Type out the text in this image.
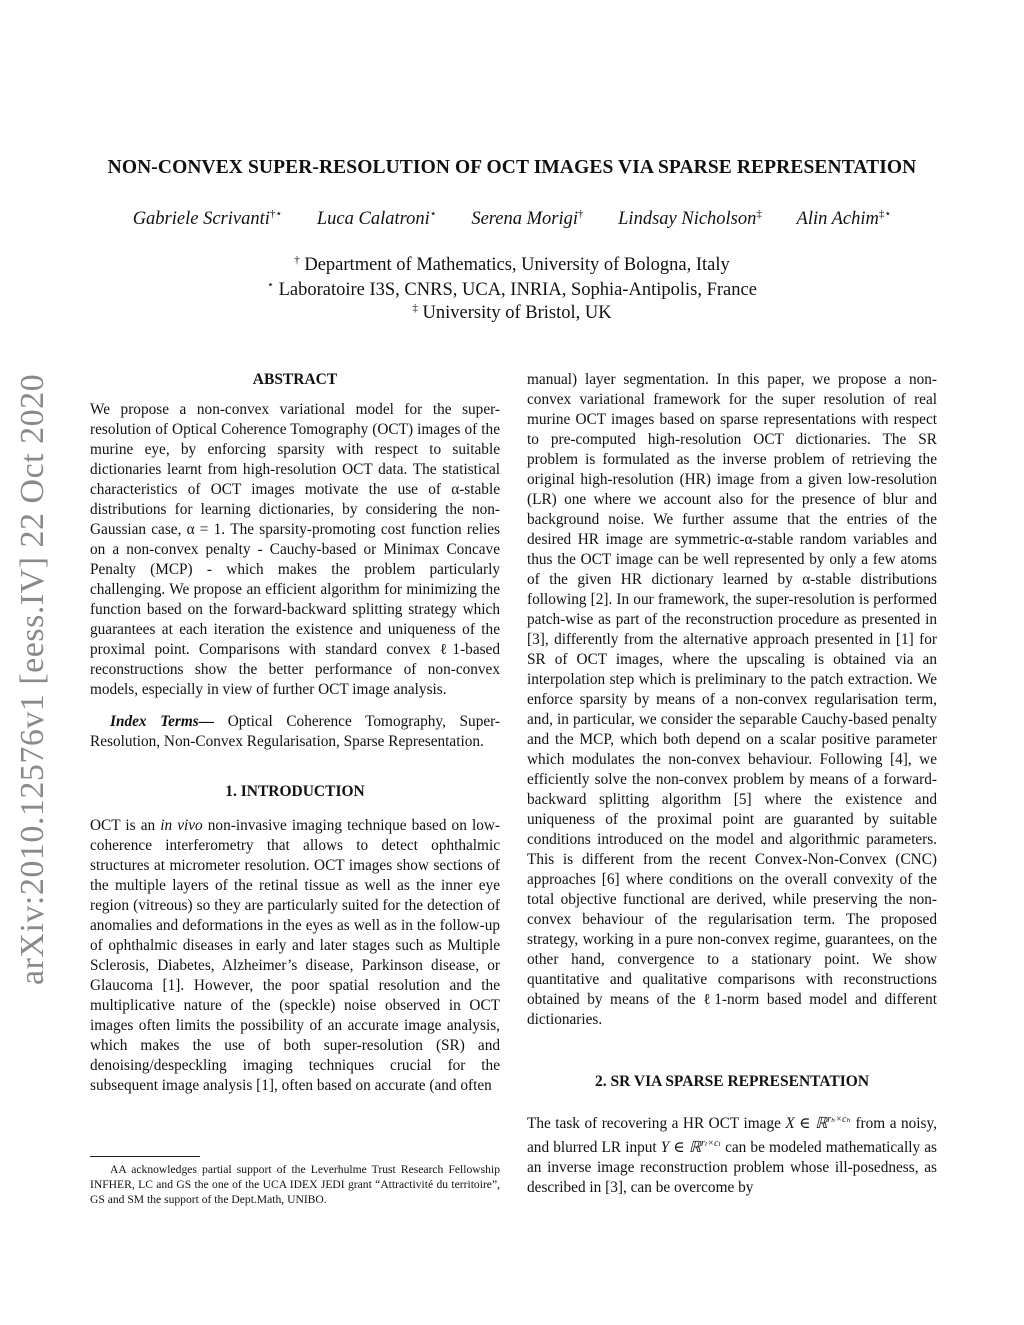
arXiv:2010.12576v1 [eess.IV] 22 Oct 2020
NON-CONVEX SUPER-RESOLUTION OF OCT IMAGES VIA SPARSE REPRESENTATION
Gabriele Scrivanti†⋆ Luca Calatroni⋆ Serena Morigi† Lindsay Nicholson‡ Alin Achim‡⋆
† Department of Mathematics, University of Bologna, Italy
⋆ Laboratoire I3S, CNRS, UCA, INRIA, Sophia-Antipolis, France
‡ University of Bristol, UK

ABSTRACT

We propose a non-convex variational model for the super-resolution of Optical Coherence Tomography (OCT) images of the murine eye, by enforcing sparsity with respect to suitable dictionaries learnt from high-resolution OCT data. The statistical characteristics of OCT images motivate the use of α-stable distributions for learning dictionaries, by considering the non-Gaussian case, α = 1. The sparsity-promoting cost function relies on a non-convex penalty - Cauchy-based or Minimax Concave Penalty (MCP) - which makes the problem particularly challenging. We propose an efficient algorithm for minimizing the function based on the forward-backward splitting strategy which guarantees at each iteration the existence and uniqueness of the proximal point. Comparisons with standard convex ℓ1-based reconstructions show the better performance of non-convex models, especially in view of further OCT image analysis.

Index Terms— Optical Coherence Tomography, Super-Resolution, Non-Convex Regularisation, Sparse Representation.

1. INTRODUCTION

OCT is an in vivo non-invasive imaging technique based on low-coherence interferometry that allows to detect ophthalmic structures at micrometer resolution. OCT images show sections of the multiple layers of the retinal tissue as well as the inner eye region (vitreous) so they are particularly suited for the detection of anomalies and deformations in the eyes as well as in the follow-up of ophthalmic diseases in early and later stages such as Multiple Sclerosis, Diabetes, Alzheimer’s disease, Parkinson disease, or Glaucoma [1]. However, the poor spatial resolution and the multiplicative nature of the (speckle) noise observed in OCT images often limits the possibility of an accurate image analysis, which makes the use of both super-resolution (SR) and denoising/despeckling imaging techniques crucial for the subsequent image analysis [1], often based on accurate (and often

AA acknowledges partial support of the Leverhulme Trust Research Fellowship INFHER, LC and GS the one of the UCA IDEX JEDI grant “Attractivité du territoire”, GS and SM the support of the Dept.Math, UNIBO.

manual) layer segmentation. In this paper, we propose a non-convex variational framework for the super resolution of real murine OCT images based on sparse representations with respect to pre-computed high-resolution OCT dictionaries. The SR problem is formulated as the inverse problem of retrieving the original high-resolution (HR) image from a given low-resolution (LR) one where we account also for the presence of blur and background noise. We further assume that the entries of the desired HR image are symmetric-α-stable random variables and thus the OCT image can be well represented by only a few atoms of the given HR dictionary learned by α-stable distributions following [2]. In our framework, the super-resolution is performed patch-wise as part of the reconstruction procedure as presented in [3], differently from the alternative approach presented in [1] for SR of OCT images, where the upscaling is obtained via an interpolation step which is preliminary to the patch extraction. We enforce sparsity by means of a non-convex regularisation term, and, in particular, we consider the separable Cauchy-based penalty and the MCP, which both depend on a scalar positive parameter which modulates the non-convex behaviour. Following [4], we efficiently solve the non-convex problem by means of a forward-backward splitting algorithm [5] where the existence and uniqueness of the proximal point are guaranted by suitable conditions introduced on the model and algorithmic parameters. This is different from the recent Convex-Non-Convex (CNC) approaches [6] where conditions on the overall convexity of the total objective functional are derived, while preserving the non-convex behaviour of the regularisation term. The proposed strategy, working in a pure non-convex regime, guarantees, on the other hand, convergence to a stationary point. We show quantitative and qualitative comparisons with reconstructions obtained by means of the ℓ1-norm based model and different dictionaries.

2. SR VIA SPARSE REPRESENTATION

The task of recovering a HR OCT image X ∈ ℝ$^{r_h\times c_h}$ from a noisy, and blurred LR input Y ∈ ℝ$^{r_l\times c_l}$ can be modeled mathematically as an inverse image reconstruction problem whose ill-posedness, as described in [3], can be overcome by
